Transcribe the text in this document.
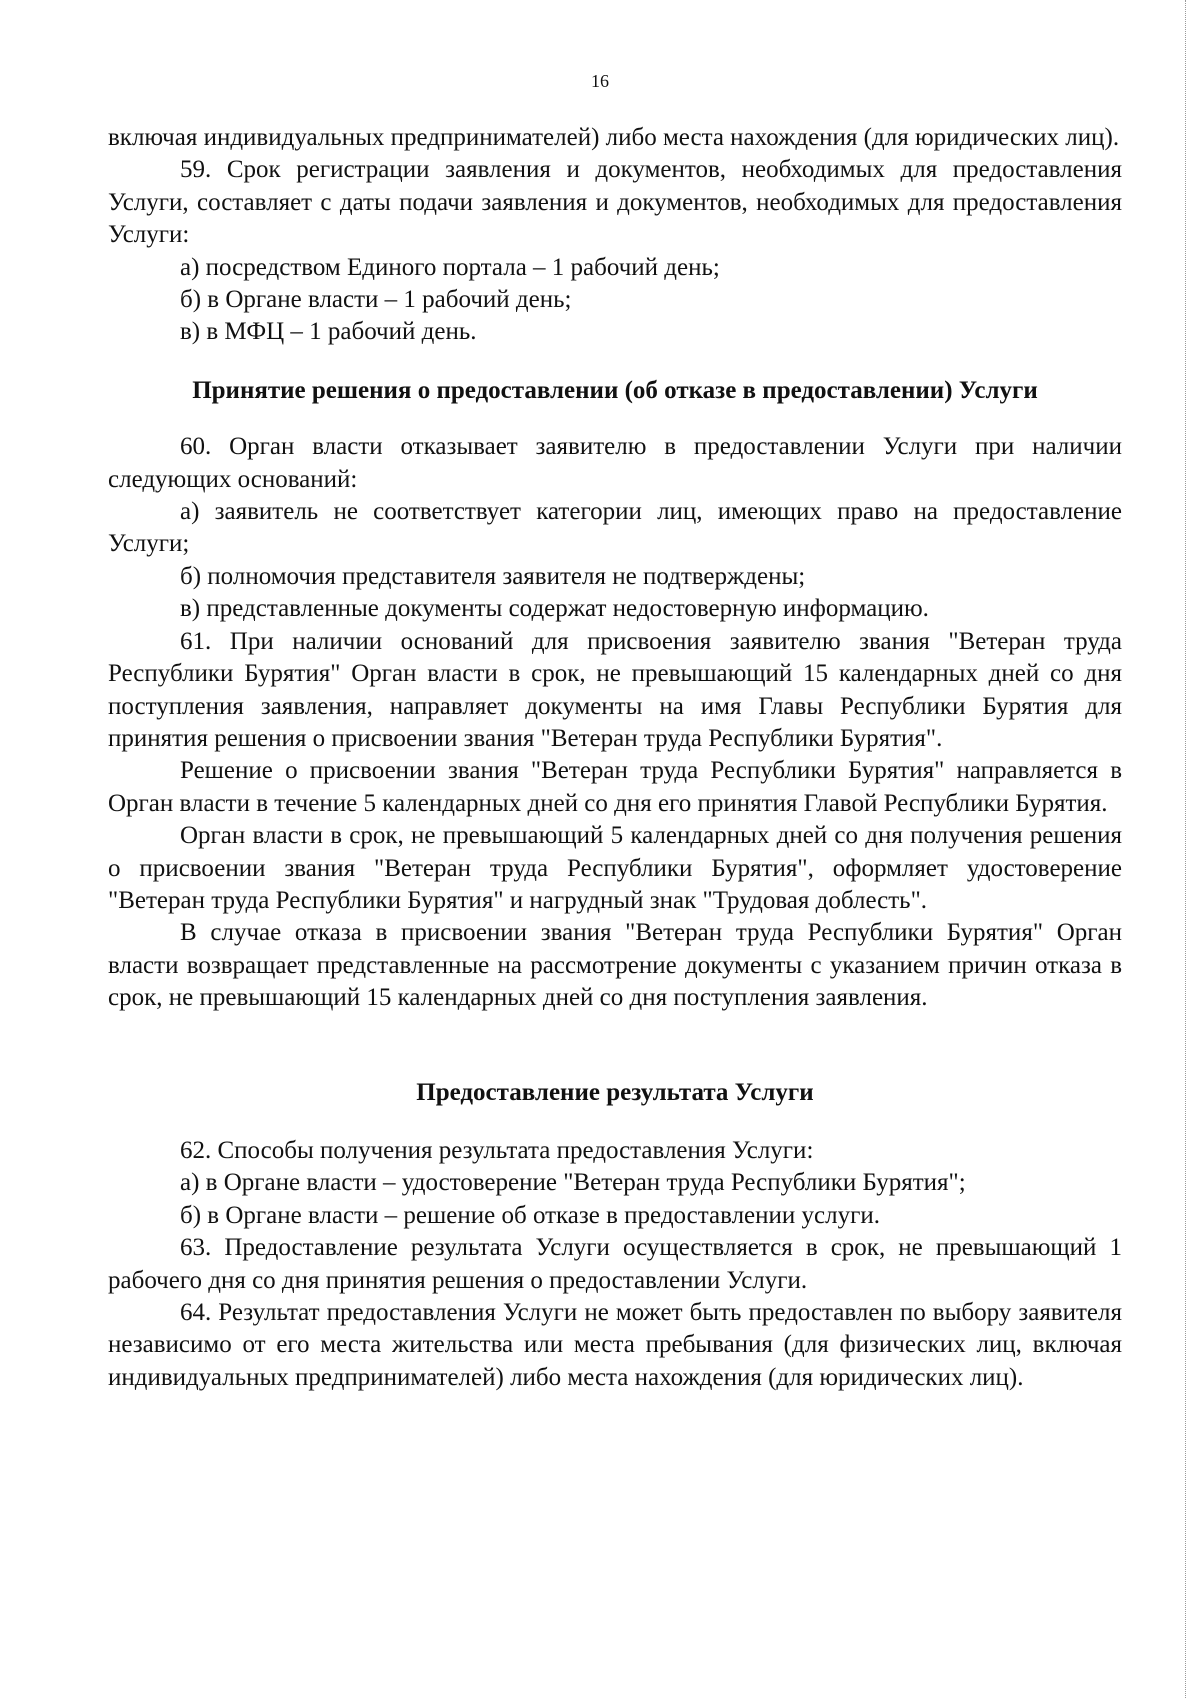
16

включая индивидуальных предпринимателей) либо места нахождения (для юридических лиц).

59. Срок регистрации заявления и документов, необходимых для предоставления Услуги, составляет с даты подачи заявления и документов, необходимых для предоставления Услуги:

а) посредством Единого портала – 1 рабочий день;

б) в Органе власти – 1 рабочий день;

в) в МФЦ – 1 рабочий день.

Принятие решения о предоставлении (об отказе в предоставлении) Услуги

60. Орган власти отказывает заявителю в предоставлении Услуги при наличии следующих оснований:

а) заявитель не соответствует категории лиц, имеющих право на предоставление Услуги;

б) полномочия представителя заявителя не подтверждены;

в) представленные документы содержат недостоверную информацию.

61. При наличии оснований для присвоения заявителю звания "Ветеран труда Республики Бурятия" Орган власти в срок, не превышающий 15 календарных дней со дня поступления заявления, направляет документы на имя Главы Республики Бурятия для принятия решения о присвоении звания "Ветеран труда Республики Бурятия".

Решение о присвоении звания "Ветеран труда Республики Бурятия" направляется в Орган власти в течение 5 календарных дней со дня его принятия Главой Республики Бурятия.

Орган власти в срок, не превышающий 5 календарных дней со дня получения решения о присвоении звания "Ветеран труда Республики Бурятия", оформляет удостоверение "Ветеран труда Республики Бурятия" и нагрудный знак "Трудовая доблесть".

В случае отказа в присвоении звания "Ветеран труда Республики Бурятия" Орган власти возвращает представленные на рассмотрение документы с указанием причин отказа в срок, не превышающий 15 календарных дней со дня поступления заявления.

Предоставление результата Услуги

62. Способы получения результата предоставления Услуги:

а) в Органе власти – удостоверение "Ветеран труда Республики Бурятия";

б) в Органе власти – решение об отказе в предоставлении услуги.

63. Предоставление результата Услуги осуществляется в срок, не превышающий 1 рабочего дня со дня принятия решения о предоставлении Услуги.

64. Результат предоставления Услуги не может быть предоставлен по выбору заявителя независимо от его места жительства или места пребывания (для физических лиц, включая индивидуальных предпринимателей) либо места нахождения (для юридических лиц).
